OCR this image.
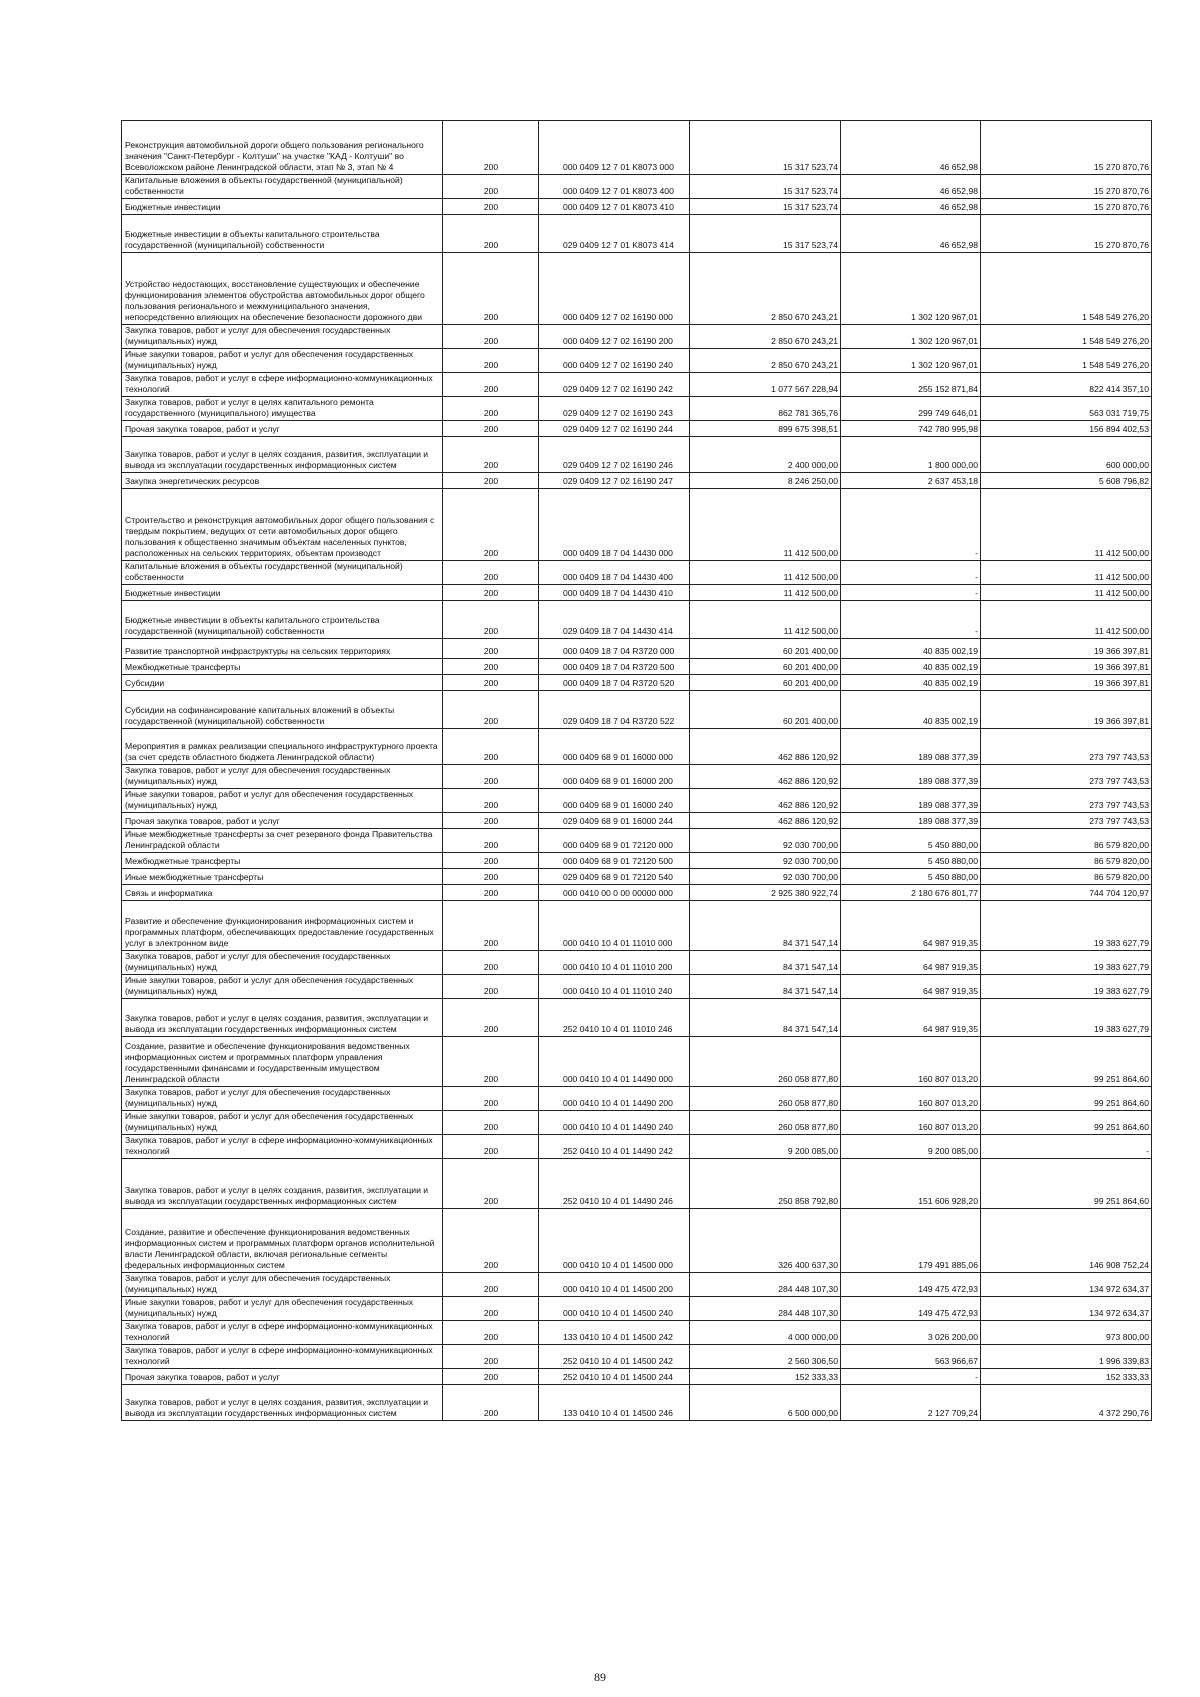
Реконструкция автомобильной дороги общего пользования регионального значения "Санкт-Петербург - Колтуши" на участке "КАД - Колтуши" во Всеволожском районе Ленинградской области, этап № 3, этап № 4	200	000 0409 12 7 01 K8073 000	15 317 523,74	46 652,98	15 270 870,76
Капитальные вложения в объекты государственной (муниципальной) собственности	200	000 0409 12 7 01 K8073 400	15 317 523,74	46 652,98	15 270 870,76
Бюджетные инвестиции	200	000 0409 12 7 01 K8073 410	15 317 523,74	46 652,98	15 270 870,76
Бюджетные инвестиции в объекты капитального строительства государственной (муниципальной) собственности	200	029 0409 12 7 01 K8073 414	15 317 523,74	46 652,98	15 270 870,76
Устройство недостающих, восстановление существующих и обеспечение функционирования элементов обустройства автомобильных дорог общего пользования регионального и межмуниципального значения, непосредственно влияющих на обеспечение безопасности дорожного дви	200	000 0409 12 7 02 16190 000	2 850 670 243,21	1 302 120 967,01	1 548 549 276,20
Закупка товаров, работ и услуг для обеспечения государственных (муниципальных) нужд	200	000 0409 12 7 02 16190 200	2 850 670 243,21	1 302 120 967,01	1 548 549 276,20
Иные закупки товаров, работ и услуг для обеспечения государственных (муниципальных) нужд	200	000 0409 12 7 02 16190 240	2 850 670 243,21	1 302 120 967,01	1 548 549 276,20
Закупка товаров, работ и услуг в сфере информационно-коммуникационных технологий	200	029 0409 12 7 02 16190 242	1 077 567 228,94	255 152 871,84	822 414 357,10
Закупка товаров, работ и услуг в целях капитального ремонта государственного (муниципального) имущества	200	029 0409 12 7 02 16190 243	862 781 365,76	299 749 646,01	563 031 719,75
Прочая закупка товаров, работ и услуг	200	029 0409 12 7 02 16190 244	899 675 398,51	742 780 995,98	156 894 402,53
Закупка товаров, работ и услуг в целях создания, развития, эксплуатации и вывода из эксплуатации государственных информационных систем	200	029 0409 12 7 02 16190 246	2 400 000,00	1 800 000,00	600 000,00
Закупка энергетических ресурсов	200	029 0409 12 7 02 16190 247	8 246 250,00	2 637 453,18	5 608 796,82
Строительство и реконструкция автомобильных дорог общего пользования с твердым покрытием, ведущих от сети автомобильных дорог общего пользования к общественно значимым объектам населенных пунктов, расположенных на сельских территориях, объектам производст	200	000 0409 18 7 04 14430 000	11 412 500,00	-	11 412 500,00
Капитальные вложения в объекты государственной (муниципальной) собственности	200	000 0409 18 7 04 14430 400	11 412 500,00	-	11 412 500,00
Бюджетные инвестиции	200	000 0409 18 7 04 14430 410	11 412 500,00	-	11 412 500,00
Бюджетные инвестиции в объекты капитального строительства государственной (муниципальной) собственности	200	029 0409 18 7 04 14430 414	11 412 500,00	-	11 412 500,00
Развитие транспортной инфраструктуры на сельских территориях	200	000 0409 18 7 04 R3720 000	60 201 400,00	40 835 002,19	19 366 397,81
Межбюджетные трансферты	200	000 0409 18 7 04 R3720 500	60 201 400,00	40 835 002,19	19 366 397,81
Субсидии	200	000 0409 18 7 04 R3720 520	60 201 400,00	40 835 002,19	19 366 397,81
Субсидии на софинансирование капитальных вложений в объекты государственной (муниципальной) собственности	200	029 0409 18 7 04 R3720 522	60 201 400,00	40 835 002,19	19 366 397,81
Мероприятия в рамках реализации специального инфраструктурного проекта (за счет средств областного бюджета Ленинградской области)	200	000 0409 68 9 01 16000 000	462 886 120,92	189 088 377,39	273 797 743,53
Закупка товаров, работ и услуг для обеспечения государственных (муниципальных) нужд	200	000 0409 68 9 01 16000 200	462 886 120,92	189 088 377,39	273 797 743,53
Иные закупки товаров, работ и услуг для обеспечения государственных (муниципальных) нужд	200	000 0409 68 9 01 16000 240	462 886 120,92	189 088 377,39	273 797 743,53
Прочая закупка товаров, работ и услуг	200	029 0409 68 9 01 16000 244	462 886 120,92	189 088 377,39	273 797 743,53
Иные межбюджетные трансферты за счет резервного фонда Правительства Ленинградской области	200	000 0409 68 9 01 72120 000	92 030 700,00	5 450 880,00	86 579 820,00
Межбюджетные трансферты	200	000 0409 68 9 01 72120 500	92 030 700,00	5 450 880,00	86 579 820,00
Иные межбюджетные трансферты	200	029 0409 68 9 01 72120 540	92 030 700,00	5 450 880,00	86 579 820,00
Связь и информатика	200	000 0410 00 0 00 00000 000	2 925 380 922,74	2 180 676 801,77	744 704 120,97
Развитие и обеспечение функционирования информационных систем и программных платформ, обеспечивающих предоставление государственных услуг в электронном виде	200	000 0410 10 4 01 11010 000	84 371 547,14	64 987 919,35	19 383 627,79
Закупка товаров, работ и услуг для обеспечения государственных (муниципальных) нужд	200	000 0410 10 4 01 11010 200	84 371 547,14	64 987 919,35	19 383 627,79
Иные закупки товаров, работ и услуг для обеспечения государственных (муниципальных) нужд	200	000 0410 10 4 01 11010 240	84 371 547,14	64 987 919,35	19 383 627,79
Закупка товаров, работ и услуг в целях создания, развития, эксплуатации и вывода из эксплуатации государственных информационных систем	200	252 0410 10 4 01 11010 246	84 371 547,14	64 987 919,35	19 383 627,79
Создание, развитие и обеспечение функционирования ведомственных информационных систем и программных платформ управления государственными финансами и государственным имуществом Ленинградской области	200	000 0410 10 4 01 14490 000	260 058 877,80	160 807 013,20	99 251 864,60
Закупка товаров, работ и услуг для обеспечения государственных (муниципальных) нужд	200	000 0410 10 4 01 14490 200	260 058 877,80	160 807 013,20	99 251 864,60
Иные закупки товаров, работ и услуг для обеспечения государственных (муниципальных) нужд	200	000 0410 10 4 01 14490 240	260 058 877,80	160 807 013,20	99 251 864,60
Закупка товаров, работ и услуг в сфере информационно-коммуникационных технологий	200	252 0410 10 4 01 14490 242	9 200 085,00	9 200 085,00	-
Закупка товаров, работ и услуг в целях создания, развития, эксплуатации и вывода из эксплуатации государственных информационных систем	200	252 0410 10 4 01 14490 246	250 858 792,80	151 606 928,20	99 251 864,60
Создание, развитие и обеспечение функционирования ведомственных информационных систем и программных платформ органов исполнительной власти Ленинградской области, включая региональные сегменты федеральных информационных систем	200	000 0410 10 4 01 14500 000	326 400 637,30	179 491 885,06	146 908 752,24
Закупка товаров, работ и услуг для обеспечения государственных (муниципальных) нужд	200	000 0410 10 4 01 14500 200	284 448 107,30	149 475 472,93	134 972 634,37
Иные закупки товаров, работ и услуг для обеспечения государственных (муниципальных) нужд	200	000 0410 10 4 01 14500 240	284 448 107,30	149 475 472,93	134 972 634,37
Закупка товаров, работ и услуг в сфере информационно-коммуникационных технологий	200	133 0410 10 4 01 14500 242	4 000 000,00	3 026 200,00	973 800,00
Закупка товаров, работ и услуг в сфере информационно-коммуникационных технологий	200	252 0410 10 4 01 14500 242	2 560 306,50	563 966,67	1 996 339,83
Прочая закупка товаров, работ и услуг	200	252 0410 10 4 01 14500 244	152 333,33	-	152 333,33
Закупка товаров, работ и услуг в целях создания, развития, эксплуатации и вывода из эксплуатации государственных информационных систем	200	133 0410 10 4 01 14500 246	6 500 000,00	2 127 709,24	4 372 290,76
89
